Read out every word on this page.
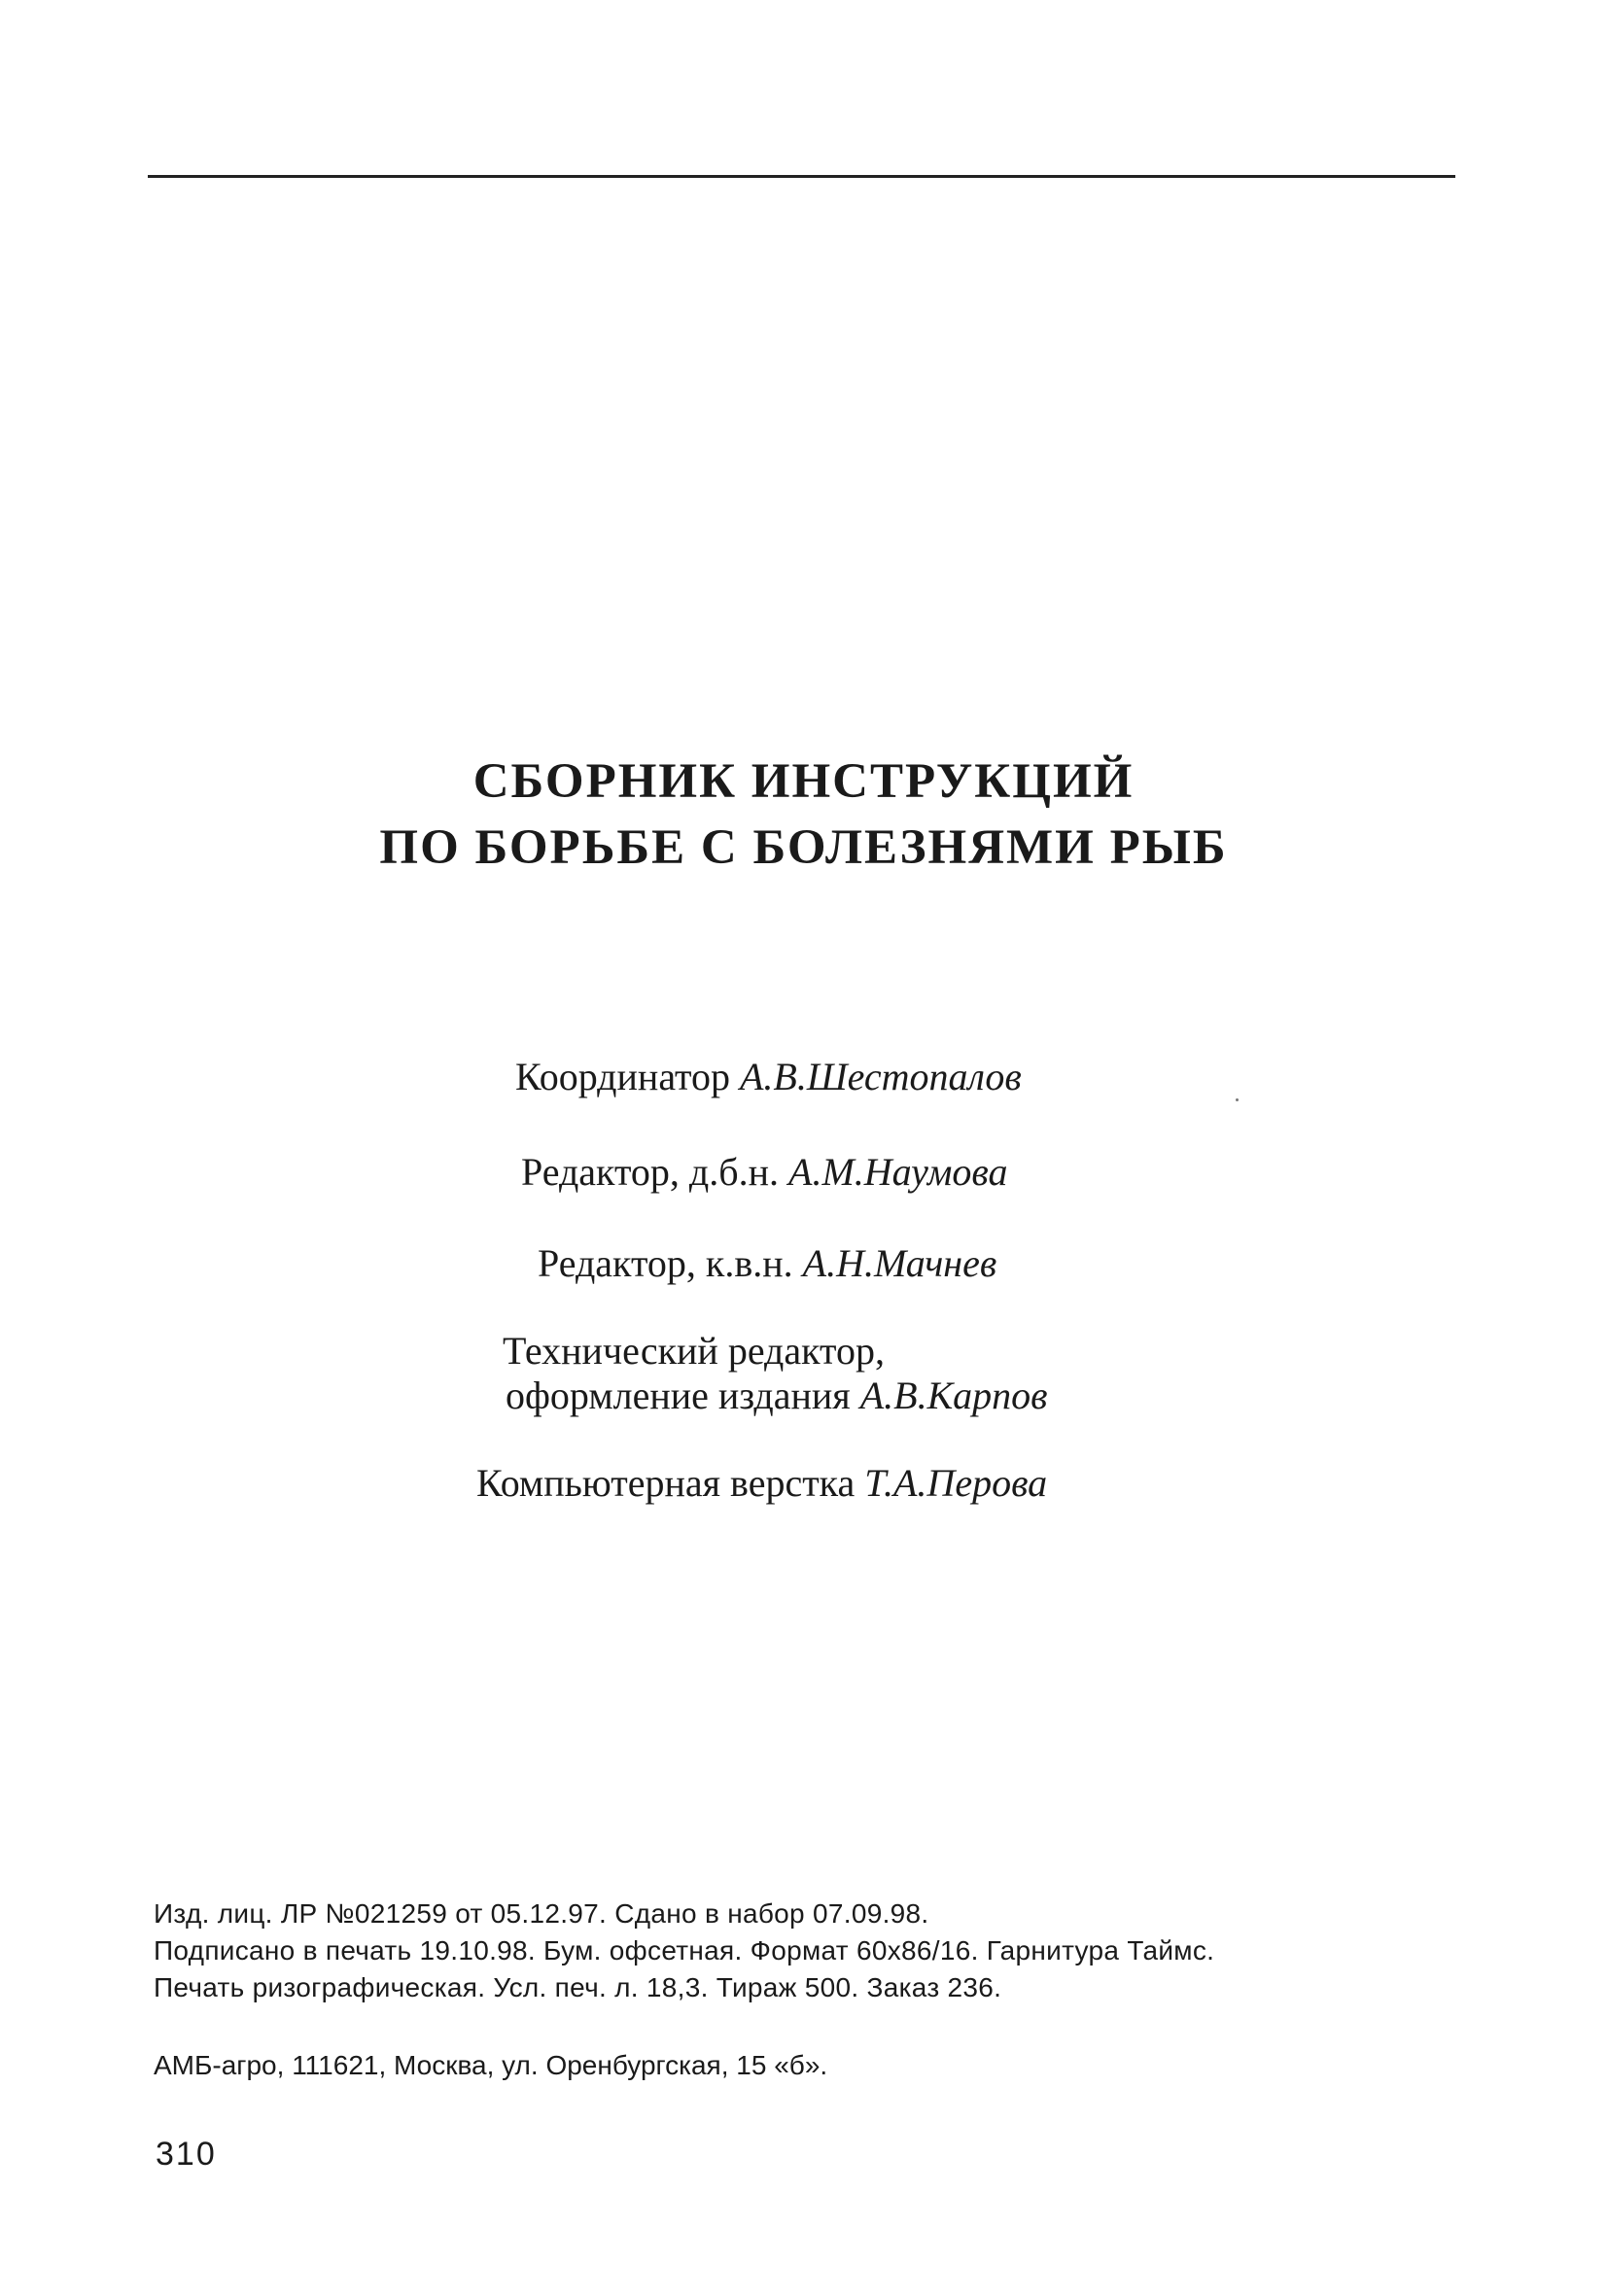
СБОРНИК ИНСТРУКЦИЙ
ПО БОРЬБЕ С БОЛЕЗНЯМИ РЫБ
Координатор А.В.Шестопалов
Редактор, д.б.н. А.М.Наумова
Редактор, к.в.н. А.Н.Мачнев
Технический редактор,
оформление издания А.В.Карпов
Компьютерная верстка Т.А.Перова
Изд. лиц. ЛР №021259 от 05.12.97. Сдано в набор 07.09.98.
Подписано в печать 19.10.98. Бум. офсетная. Формат 60х86/16. Гарнитура Таймс.
Печать ризографическая. Усл. печ. л. 18,3. Тираж 500. Заказ 236.
АМБ-агро, 111621, Москва, ул. Оренбургская, 15 «б».
310
